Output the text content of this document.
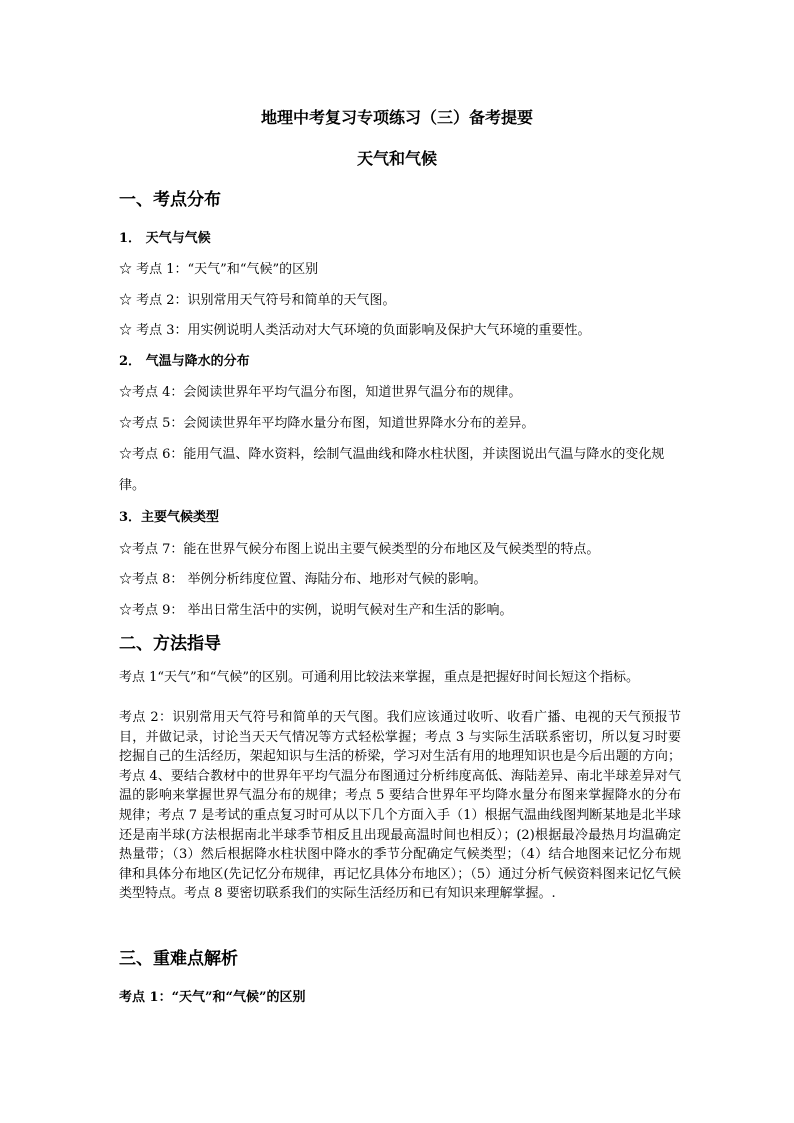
地理中考复习专项练习（三）备考提要
天气和气候
一、考点分布
1． 天气与气候
☆ 考点 1：“天气”和“气候”的区别
☆ 考点 2：识别常用天气符号和简单的天气图。
☆ 考点 3：用实例说明人类活动对大气环境的负面影响及保护大气环境的重要性。
2． 气温与降水的分布
☆考点 4：会阅读世界年平均气温分布图，知道世界气温分布的规律。
☆考点 5：会阅读世界年平均降水量分布图，知道世界降水分布的差异。
☆考点 6：能用气温、降水资料，绘制气温曲线和降水柱状图，并读图说出气温与降水的变化规律。
3．主要气候类型
☆考点 7：能在世界气候分布图上说出主要气候类型的分布地区及气候类型的特点。
☆考点 8： 举例分析纬度位置、海陆分布、地形对气候的影响。
☆考点 9： 举出日常生活中的实例，说明气候对生产和生活的影响。
二、方法指导
考点 1“天气”和“气候”的区别。可通利用比较法来掌握，重点是把握好时间长短这个指标。
考点 2：识别常用天气符号和简单的天气图。我们应该通过收听、收看广播、电视的天气预报节目，并做记录，讨论当天天气情况等方式轻松掌握；考点 3 与实际生活联系密切，所以复习时要挖掘自己的生活经历，架起知识与生活的桥梁，学习对生活有用的地理知识也是今后出题的方向；考点 4、要结合教材中的世界年平均气温分布图通过分析纬度高低、海陆差异、南北半球差异对气温的影响来掌握世界气温分布的规律；考点 5 要结合世界年平均降水量分布图来掌握降水的分布规律；考点 7 是考试的重点复习时可从以下几个方面入手（1）根据气温曲线图判断某地是北半球还是南半球(方法根据南北半球季节相反且出现最高温时间也相反）；(2)根据最冷最热月均温确定热量带；（3）然后根据降水柱状图中降水的季节分配确定气候类型；（4）结合地图来记忆分布规律和具体分布地区(先记忆分布规律，再记忆具体分布地区）；（5）通过分析气候资料图来记忆气候类型特点。考点 8 要密切联系我们的实际生活经历和已有知识来理解掌握。.
三、重难点解析
考点 1：“天气”和“气候”的区别
